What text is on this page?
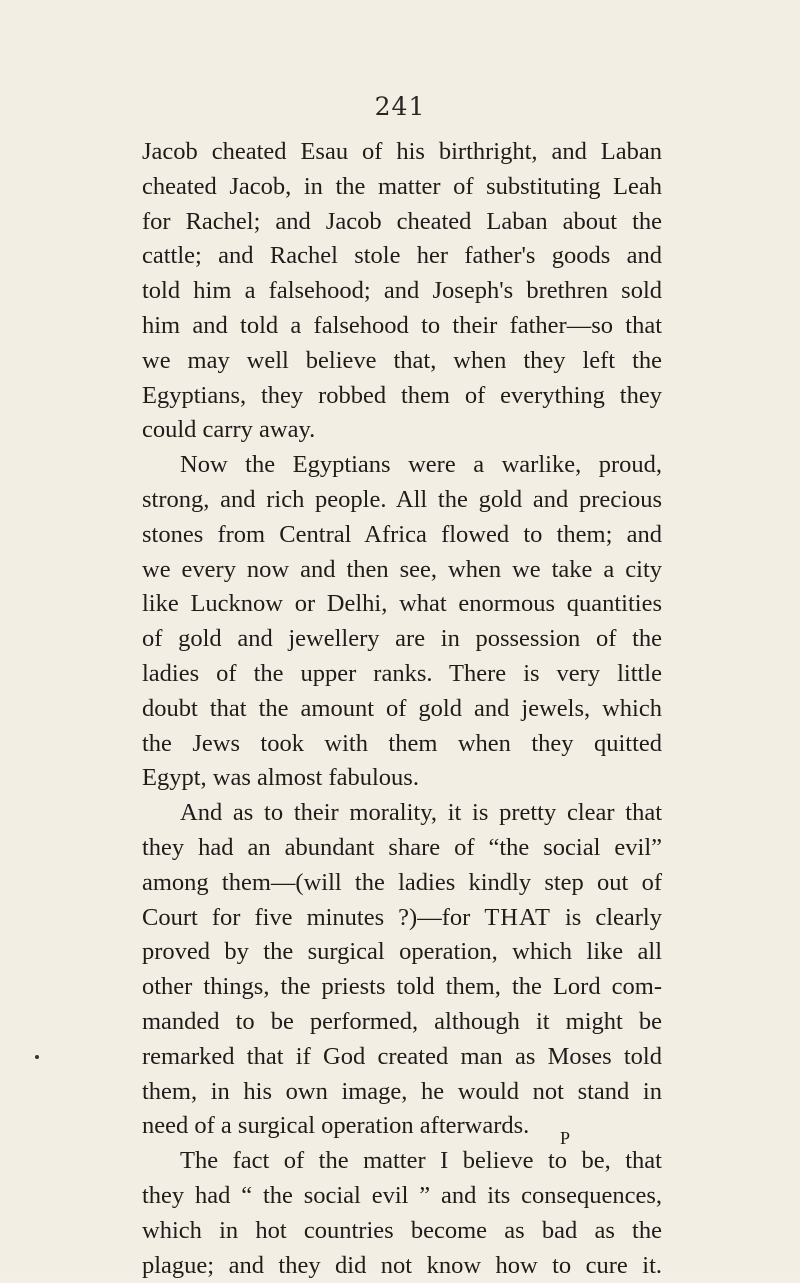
241
Jacob cheated Esau of his birthright, and Laban
cheated Jacob, in the matter of substituting Leah
for Rachel; and Jacob cheated Laban about the
cattle; and Rachel stole her father's goods and
told him a falsehood; and Joseph's brethren sold
him and told a falsehood to their father—so that
we may well believe that, when they left the
Egyptians, they robbed them of everything they
could carry away.
Now the Egyptians were a warlike, proud,
strong, and rich people. All the gold and precious
stones from Central Africa flowed to them; and
we every now and then see, when we take a city
like Lucknow or Delhi, what enormous quantities
of gold and jewellery are in possession of the
ladies of the upper ranks. There is very little
doubt that the amount of gold and jewels, which
the Jews took with them when they quitted
Egypt, was almost fabulous.
And as to their morality, it is pretty clear that
they had an abundant share of “the social evil”
among them—(will the ladies kindly step out of
Court for five minutes ?)—for THAT is clearly
proved by the surgical operation, which like all
other things, the priests told them, the Lord com-
manded to be performed, although it might be
remarked that if God created man as Moses told
them, in his own image, he would not stand in
need of a surgical operation afterwards.
The fact of the matter I believe to be, that
they had “ the social evil ” and its consequences,
which in hot countries become as bad as the
plague; and they did not know how to cure it.
P
